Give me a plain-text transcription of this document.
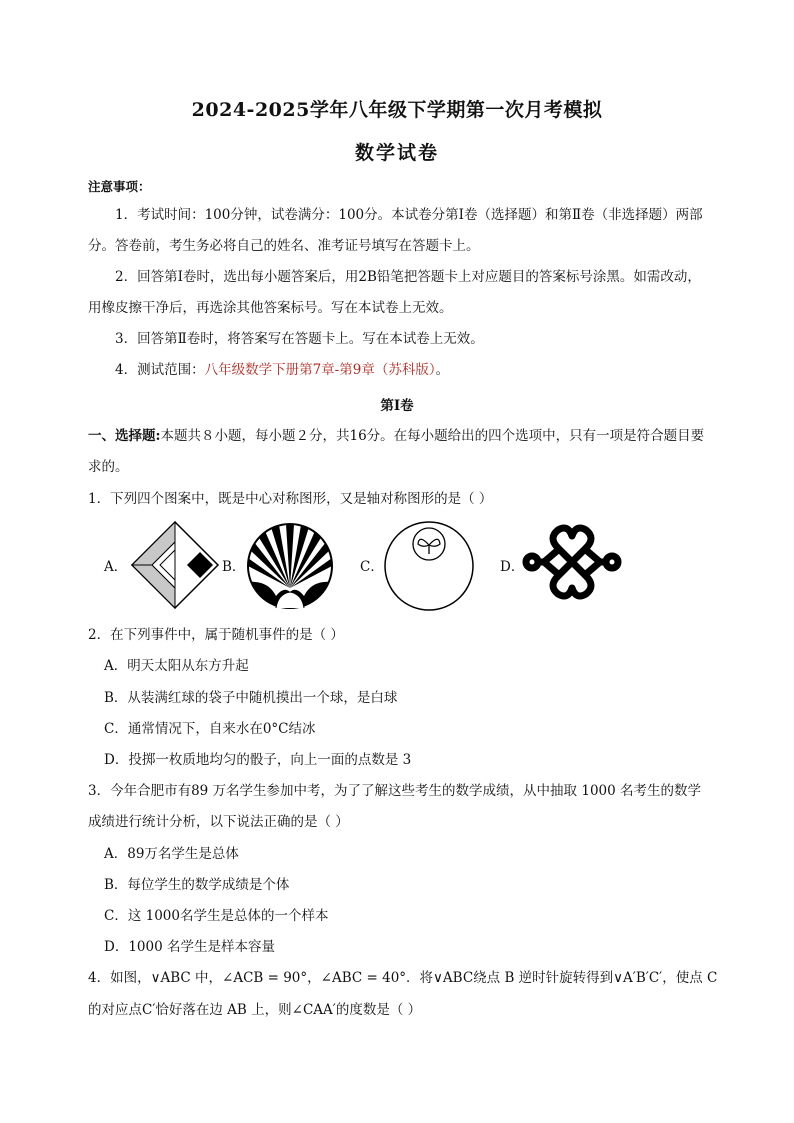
2024-2025学年八年级下学期第一次月考模拟
数学试卷
注意事项：
1．考试时间：100分钟，试卷满分：100分。本试卷分第Ⅰ卷（选择题）和第Ⅱ卷（非选择题）两部分。答卷前，考生务必将自己的姓名、准考证号填写在答题卡上。
2．回答第Ⅰ卷时，选出每小题答案后，用2B铅笔把答题卡上对应题目的答案标号涂黑。如需改动，用橡皮擦干净后，再选涂其他答案标号。写在本试卷上无效。
3．回答第Ⅱ卷时，将答案写在答题卡上。写在本试卷上无效。
4．测试范围：八年级数学下册第7章-第9章（苏科版）。
第Ⅰ卷
一、选择题:本题共８小题，每小题２分，共16分。在每小题给出的四个选项中，只有一项是符合题目要求的。
1．下列四个图案中，既是中心对称图形，又是轴对称图形的是（ ）
A．	B．	C．	D．
2．在下列事件中，属于随机事件的是（ ）
A．明天太阳从东方升起
B．从装满红球的袋子中随机摸出一个球，是白球
C．通常情况下，自来水在0°C结冰
D．投掷一枚质地均匀的骰子，向上一面的点数是 3
3．今年合肥市有89 万名学生参加中考，为了了解这些考生的数学成绩，从中抽取 1000 名考生的数学
成绩进行统计分析，以下说法正确的是（ ）
A．89万名学生是总体
B．每位学生的数学成绩是个体
C．这 1000名学生是总体的一个样本
D．1000 名学生是样本容量
4．如图，∨ABC 中，∠ACB = 90°，∠ABC = 40°．将∨ABC绕点 B 逆时针旋转得到∨A′B′C′，使点 C
的对应点C′恰好落在边 AB 上，则∠CAA′的度数是（ ）
